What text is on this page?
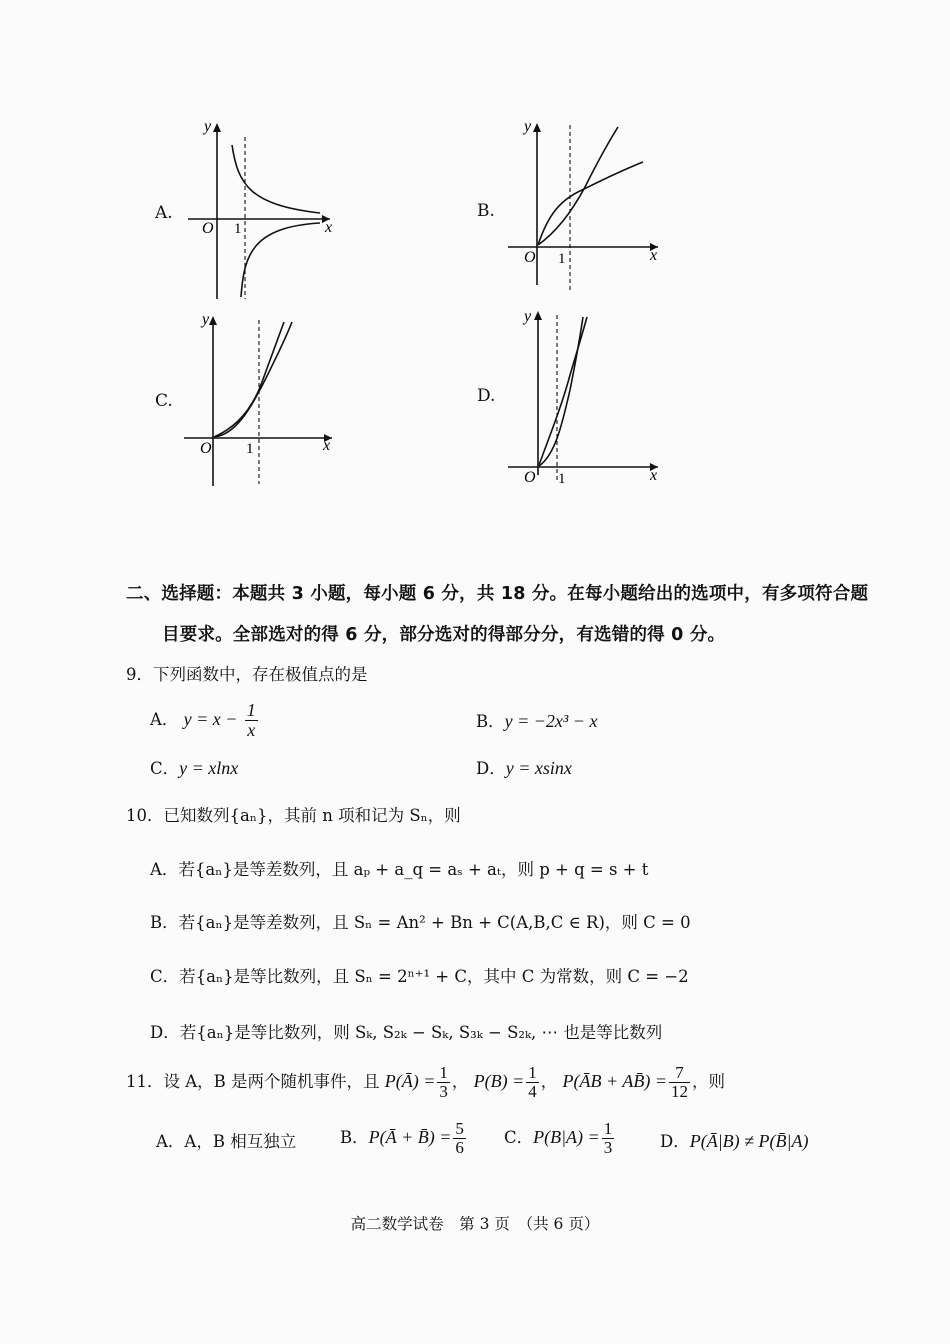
A.
O 1	x
y
B.
O 1	x
y
C.
O 1	x
y
D.
O 1	x
y
二、选择题：本题共 3 小题，每小题 6 分，共 18 分。在每小题给出的选项中，有多项符合题
目要求。全部选对的得 6 分，部分选对的得部分分，有选错的得 0 分。
9．下列函数中，存在极值点的是
A． $y = x - \frac{1}{x}$	B．y = −2x³ − x
C．y = xlnx	D．y = xsinx
10．已知数列{aₙ}，其前 n 项和记为 Sₙ，则
A．若{aₙ}是等差数列，且 aₚ + a_q = aₛ + aₜ，则 p + q = s + t
B．若{aₙ}是等差数列，且 Sₙ = An² + Bn + C(A,B,C ∈ R)，则 C = 0
C．若{aₙ}是等比数列，且 Sₙ = 2ⁿ⁺¹ + C，其中 C 为常数，则 C = −2
D．若{aₙ}是等比数列，则 Sₖ, S₂ₖ − Sₖ, S₃ₖ − S₂ₖ, ⋯ 也是等比数列
11．设 A，B 是两个随机事件，且 P(Ā) = $\frac{1}{3}$ ， $P(B) = \frac{1}{4}$ ， P(ĀB + AB̄) = $\frac{7}{12}$ ，则
A．A，B 相互独立	B．P(Ā + B̄) = $\frac{5}{6}$ C．$P(B|A) = \frac{1}{3}$	D．P(Ā|B) ≠ P(B̄|A)
高二数学试卷　第 3 页　（共 6 页）
